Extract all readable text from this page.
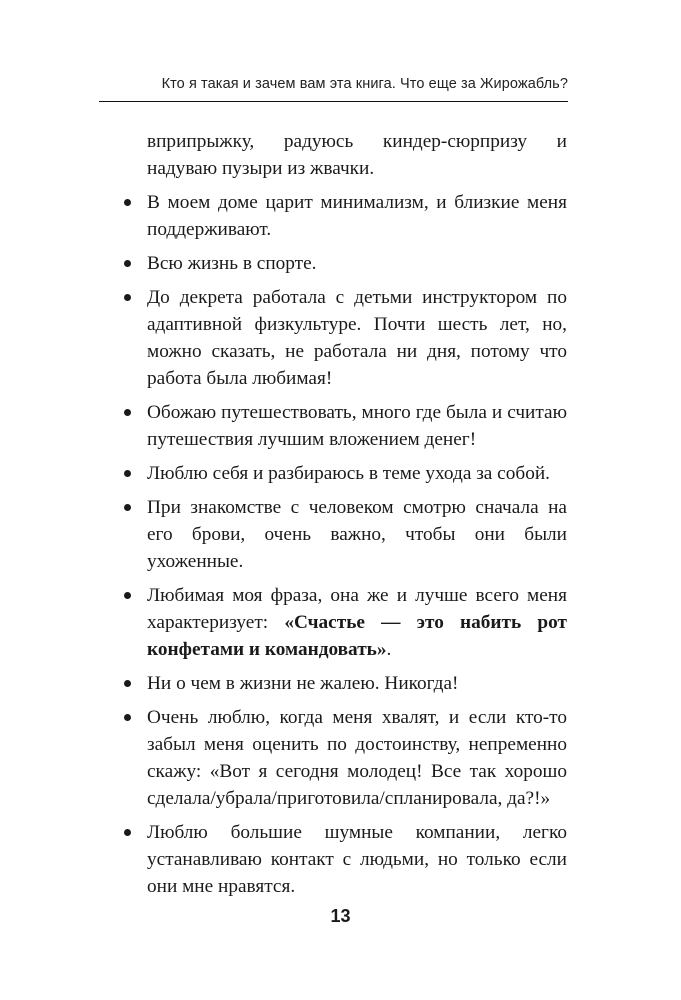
Кто я такая и зачем вам эта книга. Что еще за Жирожабль?

вприпрыжку, радуюсь киндер-сюрпризу и надуваю пузыри из жвачки.

В моем доме царит минимализм, и близкие меня поддерживают.
Всю жизнь в спорте.
До декрета работала с детьми инструктором по адаптивной физкультуре. Почти шесть лет, но, можно сказать, не работала ни дня, потому что работа была любимая!
Обожаю путешествовать, много где была и считаю путешествия лучшим вложением денег!
Люблю себя и разбираюсь в теме ухода за собой.
При знакомстве с человеком смотрю сначала на его брови, очень важно, чтобы они были ухоженные.
Любимая моя фраза, она же и лучше всего меня характеризует: «Счастье — это набить рот конфетами и командовать».
Ни о чем в жизни не жалею. Никогда!
Очень люблю, когда меня хвалят, и если кто-то забыл меня оценить по достоинству, непременно скажу: «Вот я сегодня молодец! Все так хорошо сделала/убрала/приготовила/спланировала, да?!»
Люблю большие шумные компании, легко устанавливаю контакт с людьми, но только если они мне нравятся.
13
